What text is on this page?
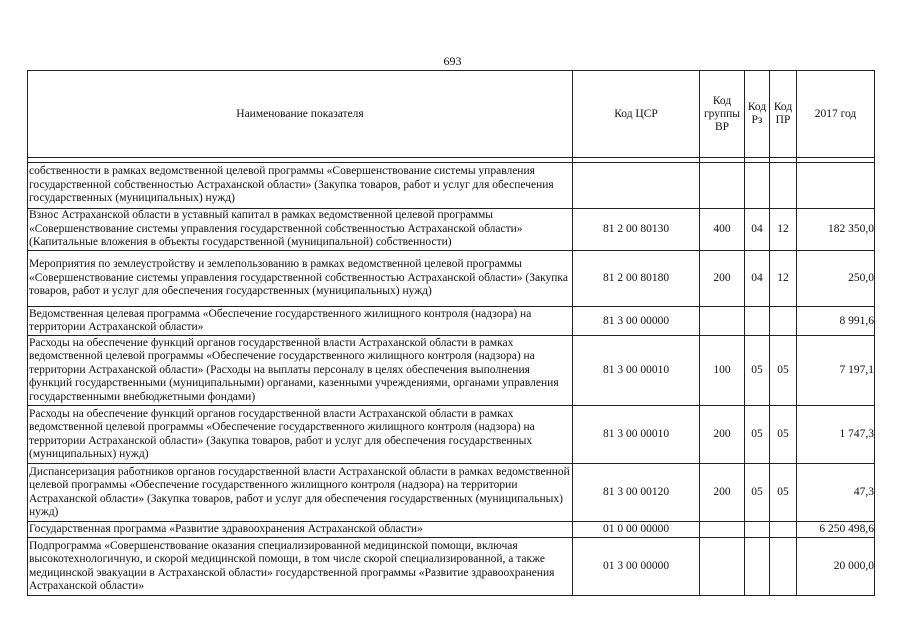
693
Наименование показателя	Код ЦСР	Код группы ВР	Код Рз	Код ПР	2017 год

собственности в рамках ведомственной целевой программы «Совершенствование системы управления государственной собственностью Астраханской области» (Закупка товаров, работ и услуг для обеспечения государственных (муниципальных) нужд)					
Взнос Астраханской области в уставный капитал в рамках ведомственной целевой программы «Совершенствование системы управления государственной собственностью Астраханской области» (Капитальные вложения в объекты государственной (муниципальной) собственности)	81 2 00 80130	400	04	12	182 350,0
Мероприятия по землеустройству и землепользованию в рамках ведомственной целевой программы «Совершенствование системы управления государственной собственностью Астраханской области» (Закупка товаров, работ и услуг для обеспечения государственных (муниципальных) нужд)	81 2 00 80180	200	04	12	250,0
Ведомственная целевая программа «Обеспечение государственного жилищного контроля (надзора) на территории Астраханской области»	81 3 00 00000				8 991,6
Расходы на обеспечение функций органов государственной власти Астраханской области в рамках ведомственной целевой программы «Обеспечение государственного жилищного контроля (надзора) на территории Астраханской области» (Расходы на выплаты персоналу в целях обеспечения выполнения функций государственными (муниципальными) органами, казенными учреждениями, органами управления государственными внебюджетными фондами)	81 3 00 00010	100	05	05	7 197,1
Расходы на обеспечение функций органов государственной власти Астраханской области в рамках ведомственной целевой программы «Обеспечение государственного жилищного контроля (надзора) на территории Астраханской области» (Закупка товаров, работ и услуг для обеспечения государственных (муниципальных) нужд)	81 3 00 00010	200	05	05	1 747,3
Диспансеризация работников органов государственной власти Астраханской области в рамках ведомственной целевой программы «Обеспечение государственного жилищного контроля (надзора) на территории Астраханской области» (Закупка товаров, работ и услуг для обеспечения государственных (муниципальных) нужд)	81 3 00 00120	200	05	05	47,3
Государственная программа «Развитие здравоохранения Астраханской области»	01 0 00 00000				6 250 498,6
Подпрограмма «Совершенствование оказания специализированной медицинской помощи, включая высокотехнологичную, и скорой медицинской помощи, в том числе скорой специализированной, а также медицинской эвакуации в Астраханской области» государственной программы «Развитие здравоохранения Астраханской области»	01 3 00 00000				20 000,0
